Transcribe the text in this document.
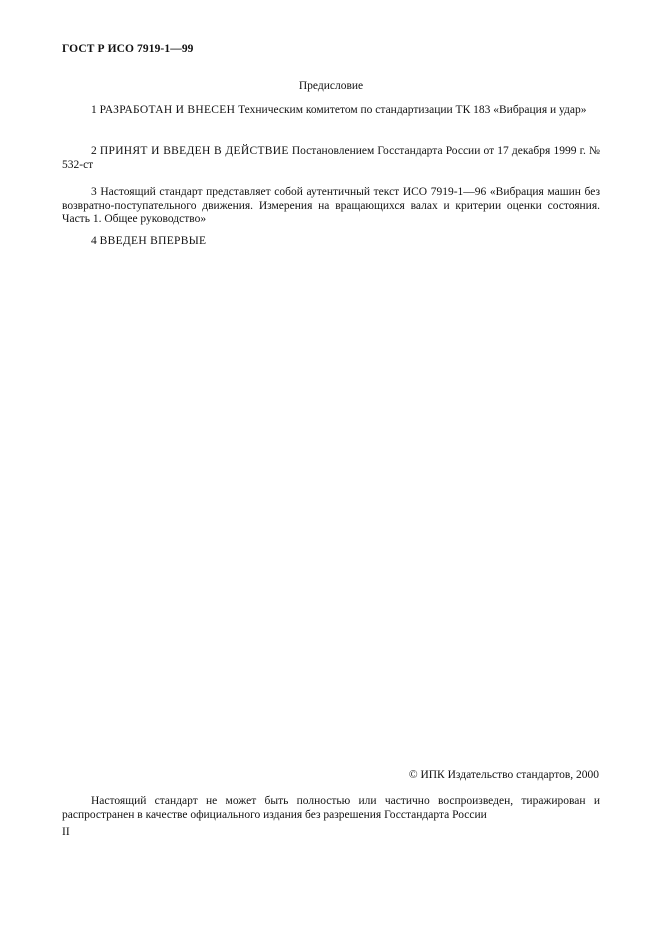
ГОСТ Р ИСО 7919-1—99
Предисловие
1 РАЗРАБОТАН И ВНЕСЕН Техническим комитетом по стандартизации ТК 183 «Вибрация и удар»
2 ПРИНЯТ И ВВЕДЕН В ДЕЙСТВИЕ Постановлением Госстандарта России от 17 декабря 1999 г. № 532-ст
3 Настоящий стандарт представляет собой аутентичный текст ИСО 7919-1—96 «Вибрация машин без возвратно-поступательного движения. Измерения на вращающихся валах и критерии оценки состояния. Часть 1. Общее руководство»
4 ВВЕДЕН ВПЕРВЫЕ
© ИПК Издательство стандартов, 2000
Настоящий стандарт не может быть полностью или частично воспроизведен, тиражирован и распространен в качестве официального издания без разрешения Госстандарта России
II
